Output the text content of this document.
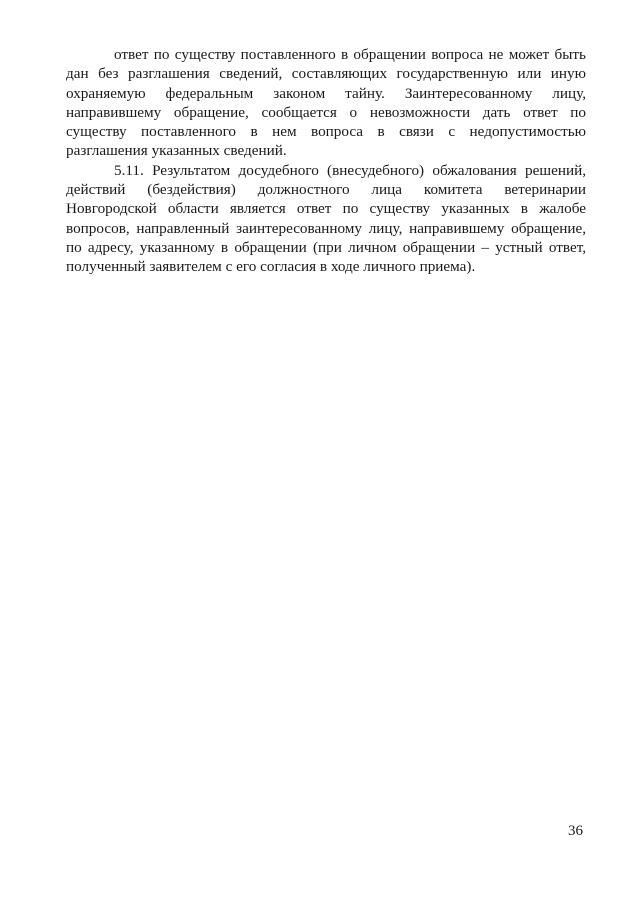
ответ по существу поставленного в обращении вопроса не может быть дан без разглашения сведений, составляющих государственную или иную охраняемую федеральным законом тайну. Заинтересованному лицу, направившему обращение, сообщается о невозможности дать ответ по существу поставленного в нем вопроса в связи с недопустимостью разглашения указанных сведений.

5.11. Результатом досудебного (внесудебного) обжалования решений, действий (бездействия) должностного лица комитета ветеринарии Новгородской области является ответ по существу указанных в жалобе вопросов, направленный заинтересованному лицу, направившему обращение, по адресу, указанному в обращении (при личном обращении – устный ответ, полученный заявителем с его согласия в ходе личного приема).

36
